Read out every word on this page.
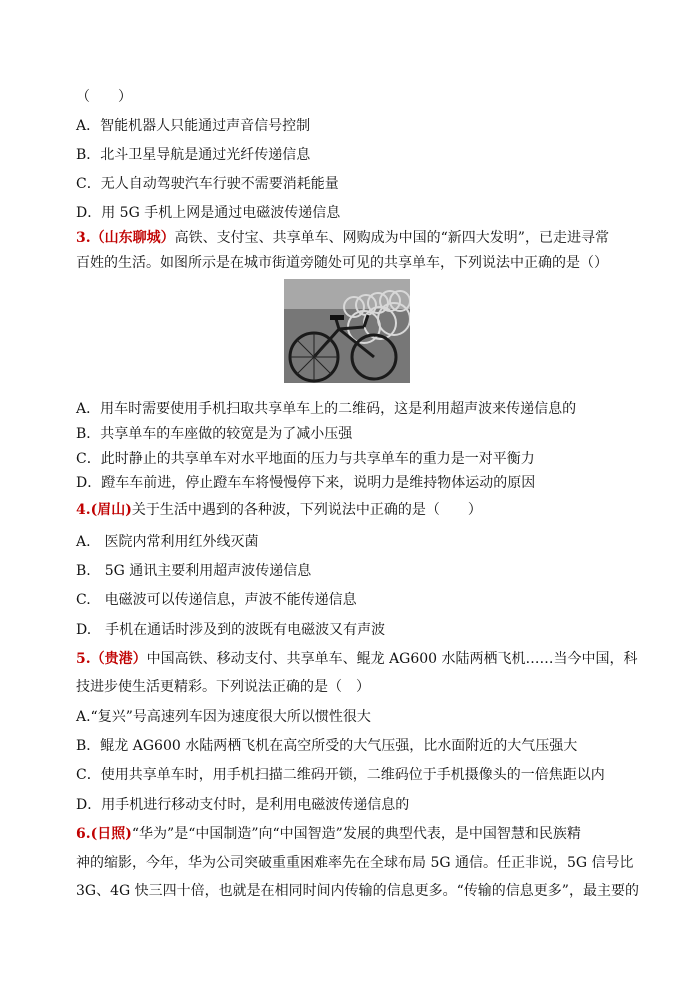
（　　）
A．智能机器人只能通过声音信号控制
B．北斗卫星导航是通过光纤传递信息
C．无人自动驾驶汽车行驶不需要消耗能量
D．用 5G 手机上网是通过电磁波传递信息
3.（山东聊城）高铁、支付宝、共享单车、网购成为中国的“新四大发明”，已走进寻常
百姓的生活。如图所示是在城市街道旁随处可见的共享单车，下列说法中正确的是（）
A．用车时需要使用手机扫取共享单车上的二维码，这是利用超声波来传递信息的
B．共享单车的车座做的较宽是为了减小压强
C．此时静止的共享单车对水平地面的压力与共享单车的重力是一对平衡力
D．蹬车车前进，停止蹬车车将慢慢停下来，说明力是维持物体运动的原因
4.(眉山)关于生活中遇到的各种波，下列说法中正确的是（　　）
A.　医院内常利用红外线灭菌
B.　5G 通讯主要利用超声波传递信息
C.　电磁波可以传递信息，声波不能传递信息
D.　手机在通话时涉及到的波既有电磁波又有声波
5.（贵港）中国高铁、移动支付、共享单车、鲲龙 AG600 水陆两栖飞机……当今中国，科
技进步使生活更精彩。下列说法正确的是（　）
A.“复兴”号高速列车因为速度很大所以惯性很大
B．鲲龙 AG600 水陆两栖飞机在高空所受的大气压强，比水面附近的大气压强大
C．使用共享单车时，用手机扫描二维码开锁，二维码位于手机摄像头的一倍焦距以内
D．用手机进行移动支付时，是利用电磁波传递信息的
6.(日照)“华为”是“中国制造”向“中国智造”发展的典型代表，是中国智慧和民族精
神的缩影，今年，华为公司突破重重困难率先在全球布局 5G 通信。任正非说，5G 信号比
3G、4G 快三四十倍，也就是在相同时间内传输的信息更多。“传输的信息更多”，最主要的
